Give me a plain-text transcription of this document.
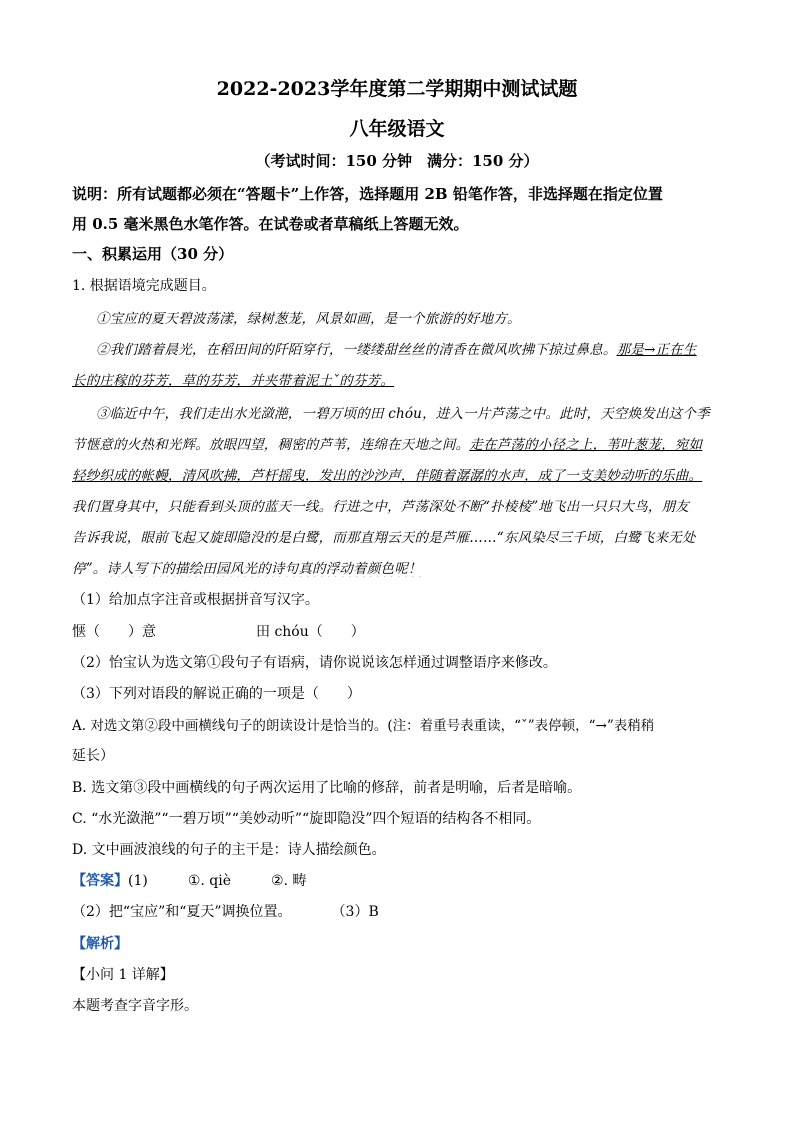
2022-2023学年度第二学期期中测试试题
八年级语文
（考试时间：150 分钟　满分：150 分）
说明：所有试题都必须在“答题卡”上作答，选择题用 2B 铅笔作答，非选择题在指定位置
用 0.5 毫米黑色水笔作答。在试卷或者草稿纸上答题无效。
一、积累运用（30 分）
1. 根据语境完成题目。
①宝应的夏天碧波荡漾，绿树葱茏，风景如画，是一个旅游的好地方。
②我们踏着晨光，在稻田间的阡陌穿行，一缕缕甜丝丝的清香在微风吹拂下掠过鼻息。那是→正在生
长的庄稼的芬芳，草的芬芳，并夹带着泥土ˇ的芬芳。
③临近中午，我们走出水光潋滟，一碧万顷的田 chóu，进入一片芦荡之中。此时，天空焕发出这个季
节惬意的火热和光辉。放眼四望，稠密的芦苇，连绵在天地之间。走在芦荡的小径之上，苇叶葱茏，宛如
轻纱织成的帐幔，清风吹拂，芦杆摇曳，发出的沙沙声，伴随着潺潺的水声，成了一支美妙动听的乐曲。
我们置身其中，只能看到头顶的蓝天一线。行进之中，芦荡深处不断“扑棱棱”地飞出一只只大鸟，朋友
告诉我说，眼前飞起又旋即隐没的是白鹭，而那直翔云天的是芦雁……“东风染尽三千顷，白鹭飞来无处
停”。诗人写下的描绘田园风光的诗句真的浮动着颜色呢！
（1）给加点字注音或根据拼音写汉字。
惬（　　）意	田 chóu（　　）
（2）怡宝认为选文第①段句子有语病，请你说说该怎样通过调整语序来修改。
（3）下列对语段的解说正确的一项是（　　）
A. 对选文第②段中画横线句子的朗读设计是恰当的。(注：着重号表重读，“ˇ”表停顿，“→”表稍稍
延长）
B. 选文第③段中画横线的句子两次运用了比喻的修辞，前者是明喻，后者是暗喻。
C. “水光潋滟”“一碧万顷”“美妙动听”“旋即隐没”四个短语的结构各不相同。
D. 文中画波浪线的句子的主干是：诗人描绘颜色。
【答案】(1)	①. qiè	②. 畴
（2）把“宝应”和“夏天”调换位置。	（3）B
【解析】
【小问 1 详解】
本题考查字音字形。
